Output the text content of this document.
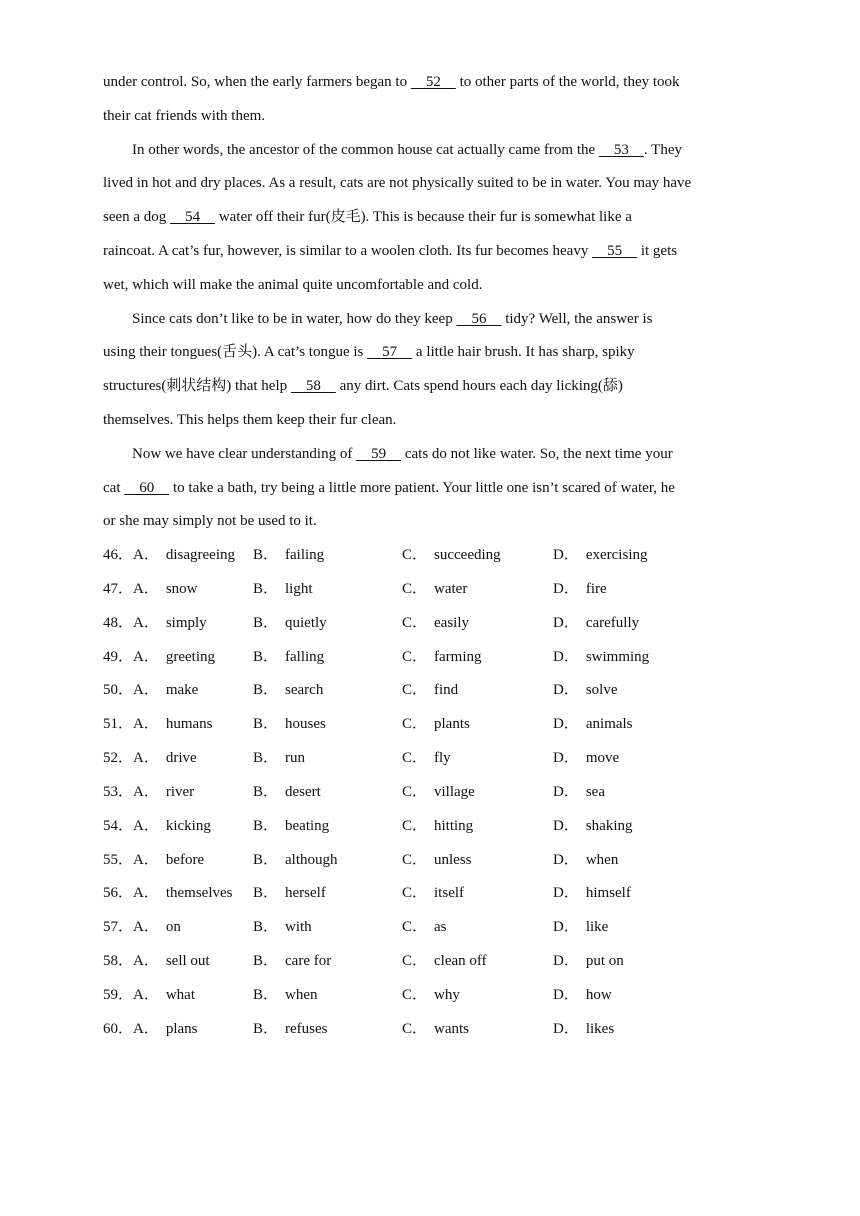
under control. So, when the early farmers began to     52     to other parts of the world, they took
their cat friends with them.
In other words, the ancestor of the common house cat actually came from the     53    . They
lived in hot and dry places. As a result, cats are not physically suited to be in water. You may have
seen a dog     54     water off their fur(皮毛). This is because their fur is somewhat like a
raincoat. A cat’s fur, however, is similar to a woolen cloth. Its fur becomes heavy     55     it gets
wet, which will make the animal quite uncomfortable and cold.
Since cats don’t like to be in water, how do they keep     56     tidy? Well, the answer is
using their tongues(舌头). A cat’s tongue is     57     a little hair brush. It has sharp, spiky
structures(刺状结构) that help     58     any dirt. Cats spend hours each day licking(舔)
themselves. This helps them keep their fur clean.
Now we have clear understanding of     59     cats do not like water. So, the next time your
cat     60     to take a bath, try being a little more patient. Your little one isn’t scared of water, he
or she may simply not be used to it.
46． A． disagreeing B． failing	C． succeeding	D． exercising
47． A． snow	B． light	C． water	D． fire
48． A． simply	B． quietly	C． easily	D． carefully
49． A． greeting	B． falling	C． farming	D． swimming
50． A． make	B． search	C． find	D． solve
51． A． humans	B． houses	C． plants	D． animals
52． A． drive	B． run	C． fly	D． move
53． A． river	B． desert	C． village	D． sea
54． A． kicking	B． beating	C． hitting	D． shaking
55． A． before	B． although	C． unless	D． when
56． A． themselves B． herself	C． itself	D． himself
57． A． on	B． with	C． as	D． like
58． A． sell out	B． care for	C． clean off	D． put on
59． A． what	B． when	C． why	D． how
60． A． plans	B． refuses	C． wants	D． likes
